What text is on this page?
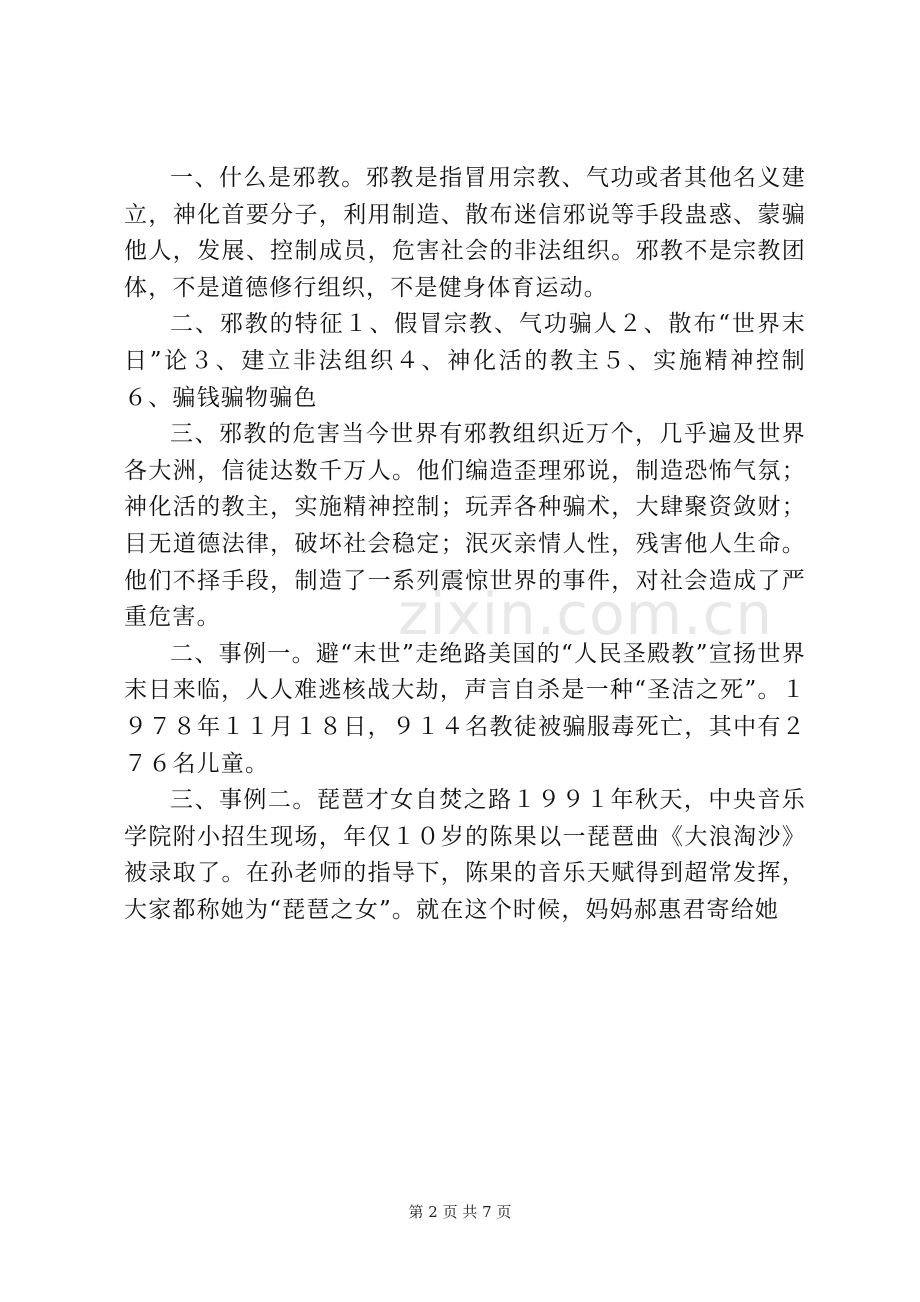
一、什么是邪教。邪教是指冒用宗教、气功或者其他名义建立，神化首要分子，利用制造、散布迷信邪说等手段蛊惑、蒙骗他人，发展、控制成员，危害社会的非法组织。邪教不是宗教团体，不是道德修行组织，不是健身体育运动。

二、邪教的特征１、假冒宗教、气功骗人２、散布“世界末日”论３、建立非法组织４、神化活的教主５、实施精神控制６、骗钱骗物骗色

三、邪教的危害当今世界有邪教组织近万个，几乎遍及世界各大洲，信徒达数千万人。他们编造歪理邪说，制造恐怖气氛；神化活的教主，实施精神控制；玩弄各种骗术，大肆聚资敛财；目无道德法律，破坏社会稳定；泯灭亲情人性，残害他人生命。他们不择手段，制造了一系列震惊世界的事件，对社会造成了严重危害。

二、事例一。避“末世”走绝路美国的“人民圣殿教”宣扬世界末日来临，人人难逃核战大劫，声言自杀是一种“圣洁之死”。１９７８年１１月１８日，９１４名教徒被骗服毒死亡，其中有２７６名儿童。

三、事例二。琵琶才女自焚之路１９９１年秋天，中央音乐学院附小招生现场，年仅１０岁的陈果以一琵琶曲《大浪淘沙》被录取了。在孙老师的指导下，陈果的音乐天赋得到超常发挥，大家都称她为“琵琶之女”。就在这个时候，妈妈郝惠君寄给她

zixin.com.cn
第 2 页 共 7 页
